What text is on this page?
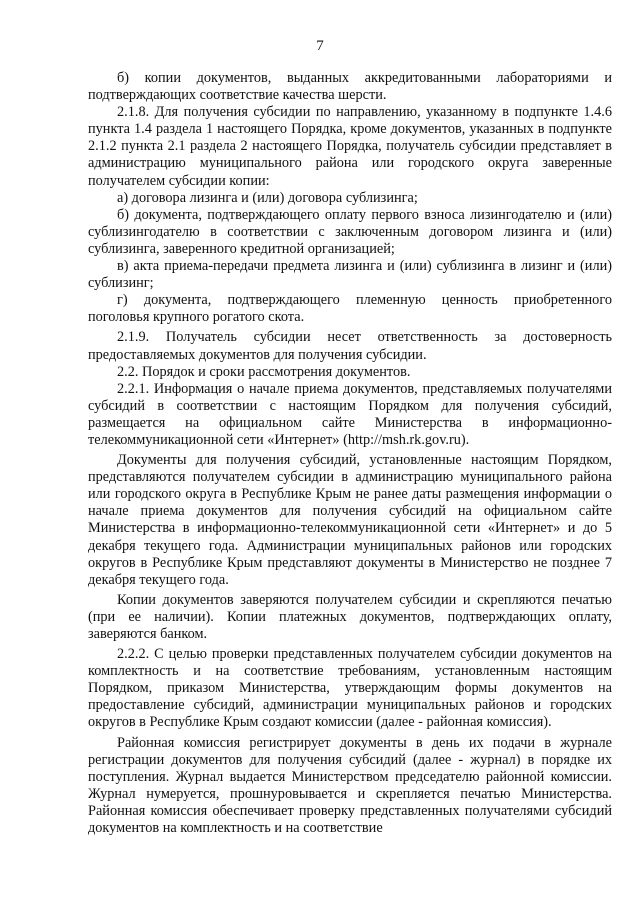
7

б) копии документов, выданных аккредитованными лабораториями и подтверждающих соответствие качества шерсти.

2.1.8. Для получения субсидии по направлению, указанному в подпункте 1.4.6 пункта 1.4 раздела 1 настоящего Порядка, кроме документов, указанных в подпункте 2.1.2 пункта 2.1 раздела 2 настоящего Порядка, получатель субсидии представляет в администрацию муниципального района или городского округа заверенные получателем субсидии копии:

а) договора лизинга и (или) договора сублизинга;

б) документа, подтверждающего оплату первого взноса лизингодателю и (или) сублизингодателю в соответствии с заключенным договором лизинга и (или) сублизинга, заверенного кредитной организацией;

в) акта приема-передачи предмета лизинга и (или) сублизинга в лизинг и (или) сублизинг;

г) документа, подтверждающего племенную ценность приобретенного поголовья крупного рогатого скота.

2.1.9. Получатель субсидии несет ответственность за достоверность предоставляемых документов для получения субсидии.

2.2. Порядок и сроки рассмотрения документов.

2.2.1. Информация о начале приема документов, представляемых получателями субсидий в соответствии с настоящим Порядком для получения субсидий, размещается на официальном сайте Министерства в информационно-телекоммуникационной сети «Интернет» (http://msh.rk.gov.ru).

Документы для получения субсидий, установленные настоящим Порядком, представляются получателем субсидии в администрацию муниципального района или городского округа в Республике Крым не ранее даты размещения информации о начале приема документов для получения субсидий на официальном сайте Министерства в информационно-телекоммуникационной сети «Интернет» и до 5 декабря текущего года. Администрации муниципальных районов или городских округов в Республике Крым представляют документы в Министерство не позднее 7 декабря текущего года.

Копии документов заверяются получателем субсидии и скрепляются печатью (при ее наличии). Копии платежных документов, подтверждающих оплату, заверяются банком.

2.2.2. С целью проверки представленных получателем субсидии документов на комплектность и на соответствие требованиям, установленным настоящим Порядком, приказом Министерства, утверждающим формы документов на предоставление субсидий, администрации муниципальных районов и городских округов в Республике Крым создают комиссии (далее - районная комиссия).

Районная комиссия регистрирует документы в день их подачи в журнале регистрации документов для получения субсидий (далее - журнал) в порядке их поступления. Журнал выдается Министерством председателю районной комиссии. Журнал нумеруется, прошнуровывается и скрепляется печатью Министерства. Районная комиссия обеспечивает проверку представленных получателями субсидий документов на комплектность и на соответствие
